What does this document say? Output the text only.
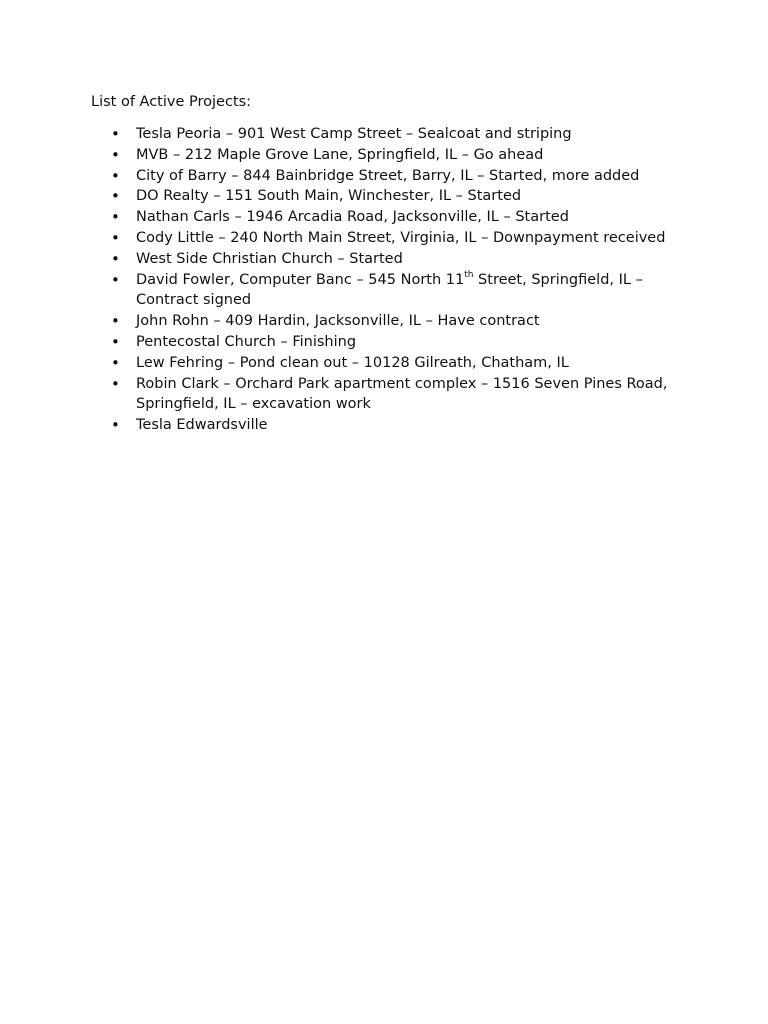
List of Active Projects:

• Tesla Peoria – 901 West Camp Street – Sealcoat and striping
• MVB – 212 Maple Grove Lane, Springfield, IL – Go ahead
• City of Barry – 844 Bainbridge Street, Barry, IL – Started, more added
• DO Realty – 151 South Main, Winchester, IL – Started
• Nathan Carls – 1946 Arcadia Road, Jacksonville, IL – Started
• Cody Little – 240 North Main Street, Virginia, IL – Downpayment received
• West Side Christian Church – Started
• David Fowler, Computer Banc – 545 North 11th Street, Springfield, IL – Contract signed
• John Rohn – 409 Hardin, Jacksonville, IL – Have contract
• Pentecostal Church – Finishing
• Lew Fehring – Pond clean out – 10128 Gilreath, Chatham, IL
• Robin Clark – Orchard Park apartment complex – 1516 Seven Pines Road, Springfield, IL – excavation work
• Tesla Edwardsville
